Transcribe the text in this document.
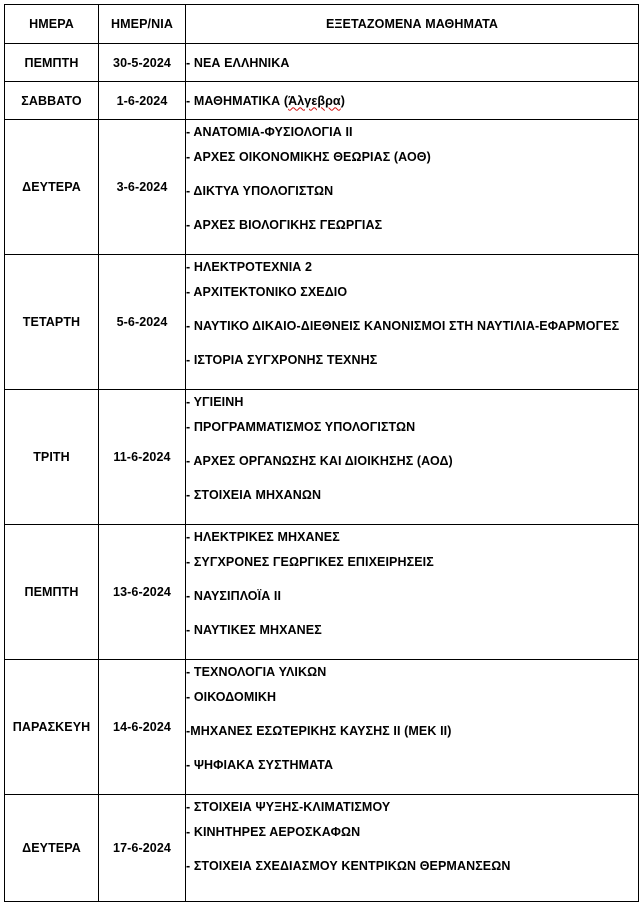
ΗΜΕΡΑ	ΗΜΕΡ/ΝΙΑ	ΕΞΕΤΑΖΟΜΕΝΑ ΜΑΘΗΜΑΤΑ
ΠΕΜΠΤΗ	30-5-2024	- ΝΕΑ ΕΛΛΗΝΙΚΑ

ΣΑΒΒΑΤΟ	1-6-2024	- ΜΑΘΗΜΑΤΙΚΑ (Άλγεβρα)

ΔΕΥΤΕΡΑ	3-6-2024	- ΑΝΑΤΟΜΙΑ-ΦΥΣΙΟΛΟΓΙΑ ΙΙ
- ΑΡΧΕΣ ΟΙΚΟΝΟΜΙΚΗΣ ΘΕΩΡΙΑΣ (ΑΟΘ)
- ΔΙΚΤΥΑ ΥΠΟΛΟΓΙΣΤΩΝ
- ΑΡΧΕΣ ΒΙΟΛΟΓΙΚΗΣ ΓΕΩΡΓΙΑΣ

ΤΕΤΑΡΤΗ	5-6-2024	- ΗΛΕΚΤΡΟΤΕΧΝΙΑ 2
- ΑΡΧΙΤΕΚΤΟΝΙΚΟ ΣΧΕΔΙΟ
- ΝΑΥΤΙΚΟ ΔΙΚΑΙΟ-ΔΙΕΘΝΕΙΣ ΚΑΝΟΝΙΣΜΟΙ ΣΤΗ ΝΑΥΤΙΛΙΑ-ΕΦΑΡΜΟΓΕΣ
- ΙΣΤΟΡΙΑ ΣΥΓΧΡΟΝΗΣ ΤΕΧΝΗΣ

ΤΡΙΤΗ	11-6-2024	- ΥΓΙΕΙΝΗ
- ΠΡΟΓΡΑΜΜΑΤΙΣΜΟΣ ΥΠΟΛΟΓΙΣΤΩΝ
- ΑΡΧΕΣ ΟΡΓΑΝΩΣΗΣ ΚΑΙ ΔΙΟΙΚΗΣΗΣ (ΑΟΔ)
- ΣΤΟΙΧΕΙΑ ΜΗΧΑΝΩΝ

ΠΕΜΠΤΗ	13-6-2024	- ΗΛΕΚΤΡΙΚΕΣ ΜΗΧΑΝΕΣ
- ΣΥΓΧΡΟΝΕΣ ΓΕΩΡΓΙΚΕΣ ΕΠΙΧΕΙΡΗΣΕΙΣ
- ΝΑΥΣΙΠΛΟΪΑ ΙΙ
- ΝΑΥΤΙΚΕΣ ΜΗΧΑΝΕΣ

ΠΑΡΑΣΚΕΥΗ	14-6-2024	- ΤΕΧΝΟΛΟΓΙΑ ΥΛΙΚΩΝ
- ΟΙΚΟΔΟΜΙΚΗ
-ΜΗΧΑΝΕΣ ΕΣΩΤΕΡΙΚΗΣ ΚΑΥΣΗΣ ΙΙ (ΜΕΚ ΙΙ)
- ΨΗΦΙΑΚΑ ΣΥΣΤΗΜΑΤΑ

ΔΕΥΤΕΡΑ	17-6-2024	- ΣΤΟΙΧΕΙΑ ΨΥΞΗΣ-ΚΛΙΜΑΤΙΣΜΟΥ
- ΚΙΝΗΤΗΡΕΣ ΑΕΡΟΣΚΑΦΩΝ
- ΣΤΟΙΧΕΙΑ ΣΧΕΔΙΑΣΜΟΥ ΚΕΝΤΡΙΚΩΝ ΘΕΡΜΑΝΣΕΩΝ
